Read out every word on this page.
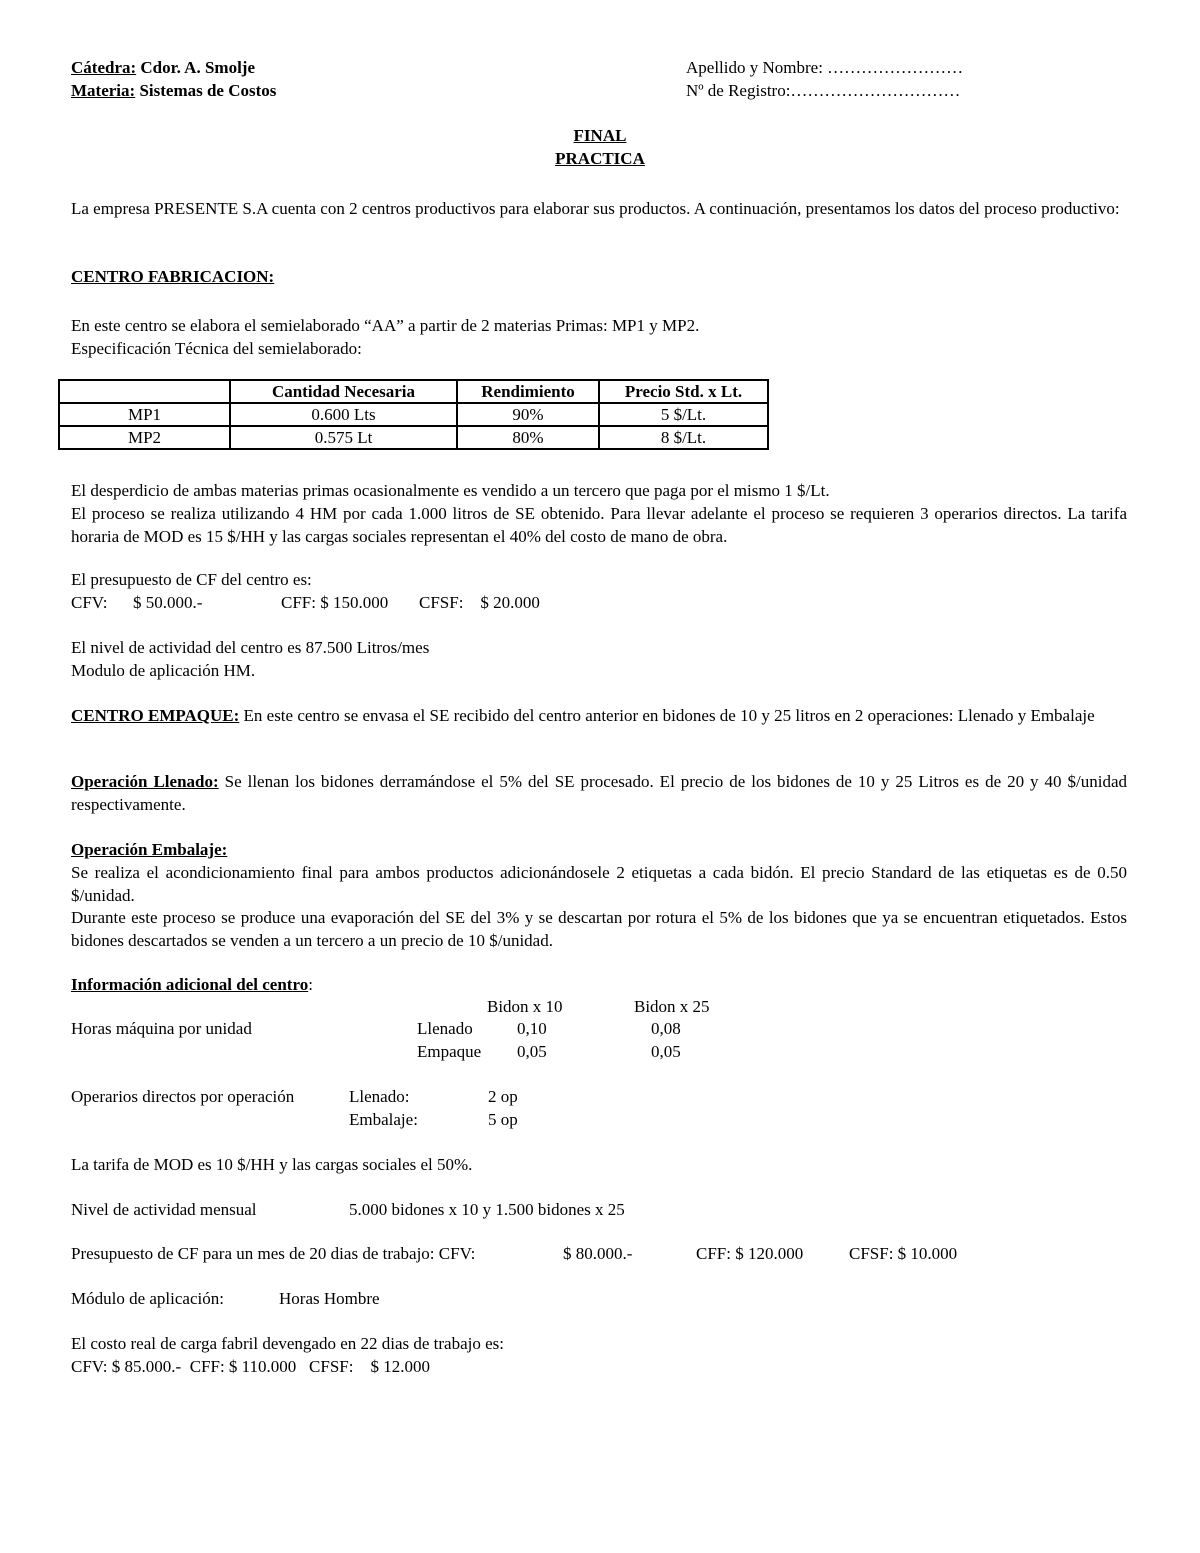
Cátedra: Cdor. A. Smolje
Materia: Sistemas de Costos
Apellido y Nombre: ……………………
Nº de Registro:…………………………
FINAL
PRACTICA
La empresa PRESENTE S.A cuenta con 2 centros productivos para elaborar sus productos. A continuación, presentamos los datos del proceso productivo:
CENTRO FABRICACION:
En este centro se elabora el semielaborado “AA” a partir de 2 materias Primas: MP1 y MP2.
Especificación Técnica del semielaborado:
	Cantidad Necesaria	Rendimiento	Precio Std. x Lt.
MP1	0.600 Lts	90%	5 $/Lt.
MP2	0.575 Lt	80%	8 $/Lt.
El desperdicio de ambas materias primas ocasionalmente es vendido a un tercero que paga por el mismo 1 $/Lt.
El proceso se realiza utilizando 4 HM por cada 1.000 litros de SE obtenido. Para llevar adelante el proceso se requieren 3 operarios directos. La tarifa horaria de MOD es 15 $/HH y las cargas sociales representan el 40% del costo de mano de obra.
El presupuesto de CF del centro es:
CFV:      $ 50.000.-	CFF: $ 150.000 CFSF:    $ 20.000
El nivel de actividad del centro es 87.500 Litros/mes
Modulo de aplicación HM.
CENTRO EMPAQUE: En este centro se envasa el SE recibido del centro anterior en bidones de 10 y 25 litros en 2 operaciones: Llenado y Embalaje
Operación Llenado: Se llenan los bidones derramándose el 5% del SE procesado. El precio de los bidones de 10 y 25 Litros es de 20 y 40 $/unidad respectivamente.
Operación Embalaje:
Se realiza el acondicionamiento final para ambos productos adicionándosele 2 etiquetas a cada bidón. El precio Standard de las etiquetas es de 0.50 $/unidad.
Durante este proceso se produce una evaporación del SE del 3% y se descartan por rotura el 5% de los bidones que ya se encuentran etiquetados. Estos bidones descartados se venden a un tercero a un precio de 10 $/unidad.
Información adicional del centro:
Bidon x 10	Bidon x 25
Horas máquina por unidad	Llenado	0,10	0,08
Empaque 0,05	0,05
Operarios directos por operación	Llenado:	2 op
Embalaje:	5 op
La tarifa de MOD es 10 $/HH y las cargas sociales el 50%.
Nivel de actividad mensual	5.000 bidones x 10 y 1.500 bidones x 25
Presupuesto de CF para un mes de 20 dias de trabajo: CFV:	$ 80.000.-	CFF: $ 120.000	CFSF: $ 10.000
Módulo de aplicación:	Horas Hombre
El costo real de carga fabril devengado en 22 dias de trabajo es:
CFV: $ 85.000.-  CFF: $ 110.000   CFSF:    $ 12.000
